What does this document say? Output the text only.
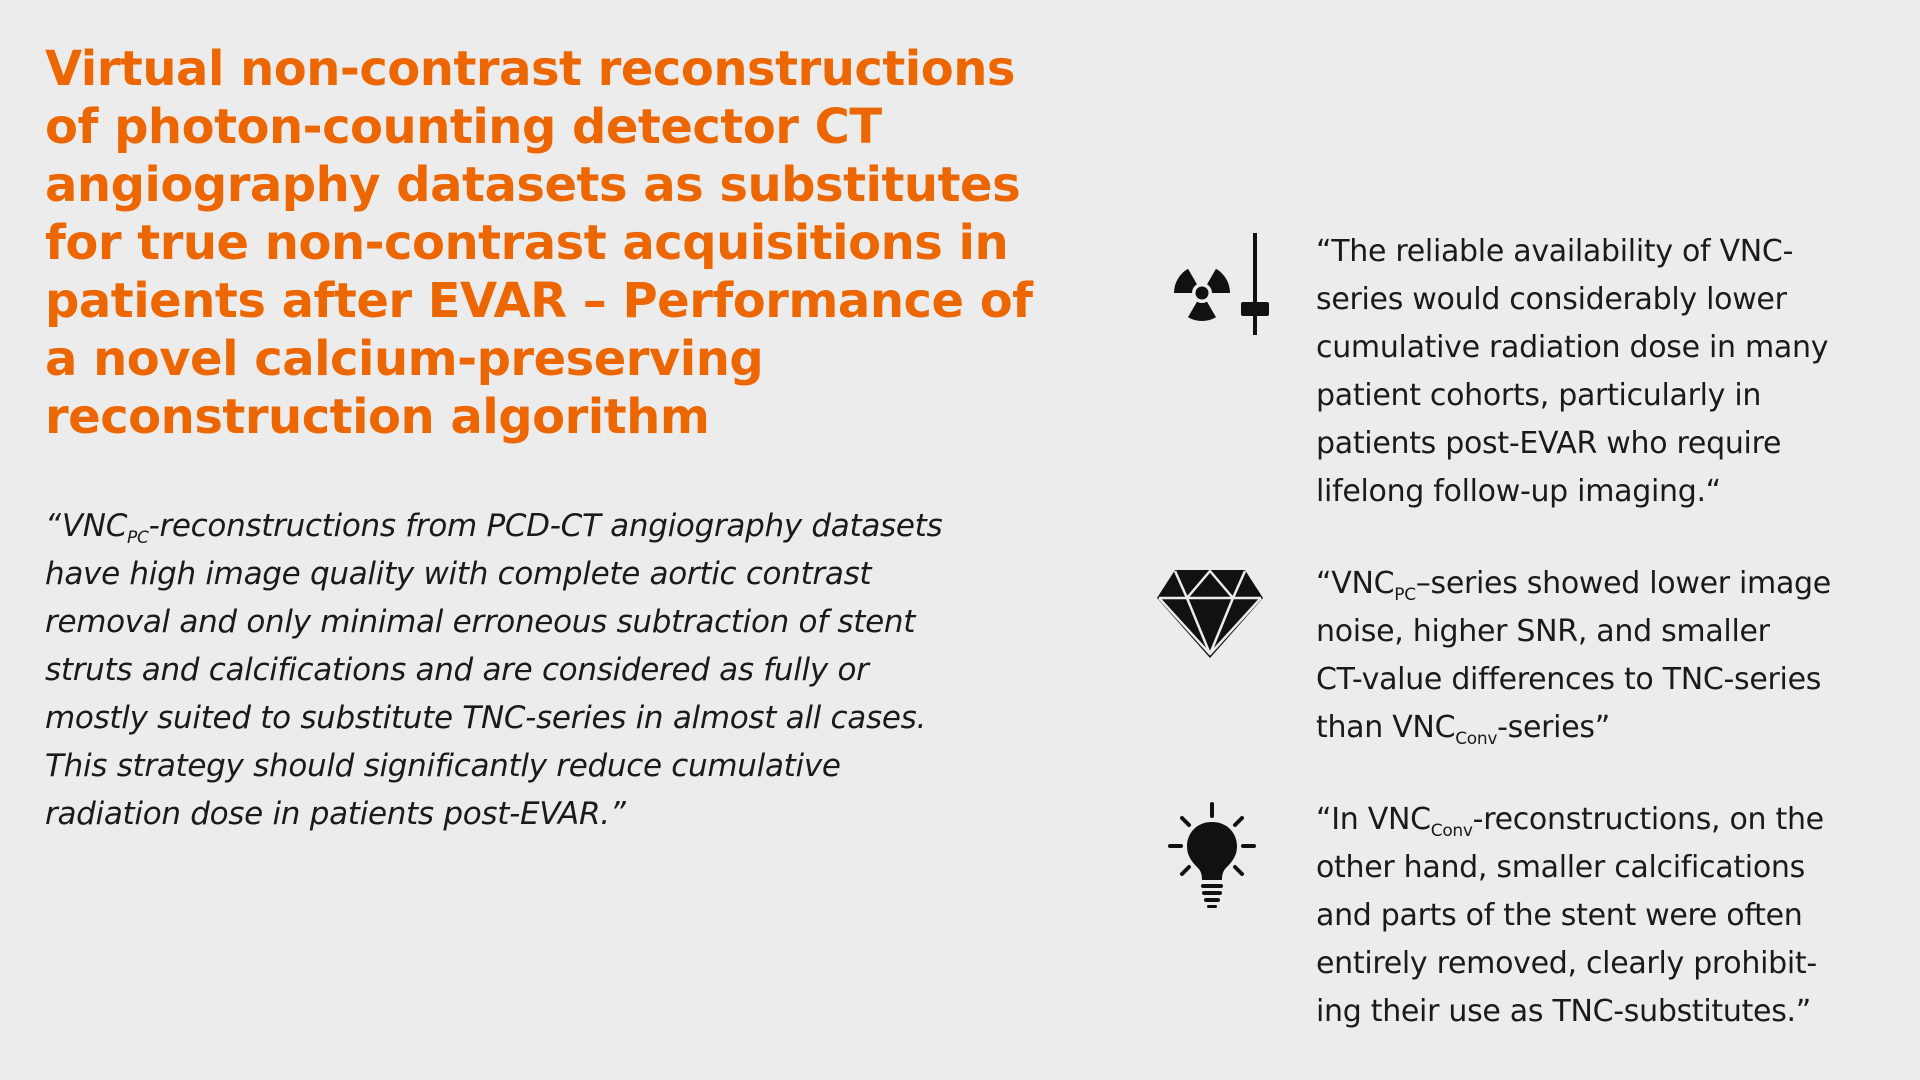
Virtual non-contrast reconstructions
of photon-counting detector CT
angiography datasets as substitutes
for true non-contrast acquisitions in
patients after EVAR – Performance of
a novel calcium-preserving
reconstruction algorithm
“$VNC_{PC}$-reconstructions from PCD-CT angiography datasets
have high image quality with complete aortic contrast
removal and only minimal erroneous subtraction of stent
struts and calcifications and are considered as fully or
mostly suited to substitute TNC-series in almost all cases.
This strategy should significantly reduce cumulative
radiation dose in patients post-EVAR.”
“The reliable availability of VNC-
series would considerably lower
cumulative radiation dose in many
patient cohorts, particularly in
patients post-EVAR who require
lifelong follow-up imaging.“
“$VNC_{PC}$–series showed lower image
noise, higher SNR, and smaller
CT-value differences to TNC-series
than $VNC_{Conv}$-series”
“In $VNC_{Conv}$-reconstructions, on the
other hand, smaller calcifications
and parts of the stent were often
entirely removed, clearly prohibit-
ing their use as TNC-substitutes.”
